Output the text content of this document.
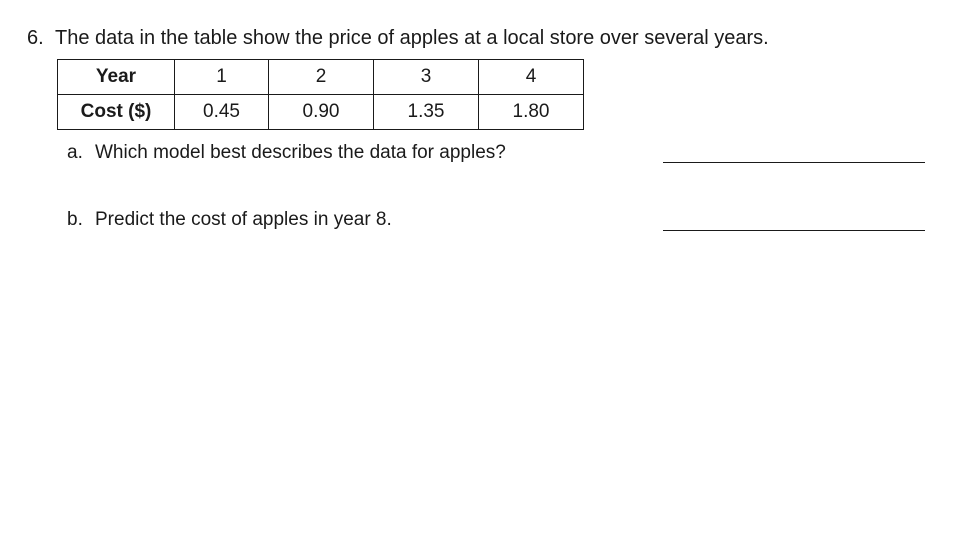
6. The data in the table show the price of apples at a local store over several years.
Year	1	2	3	4
Cost ($)	0.45	0.90	1.35	1.80
a. Which model best describes the data for apples?
b. Predict the cost of apples in year 8.
